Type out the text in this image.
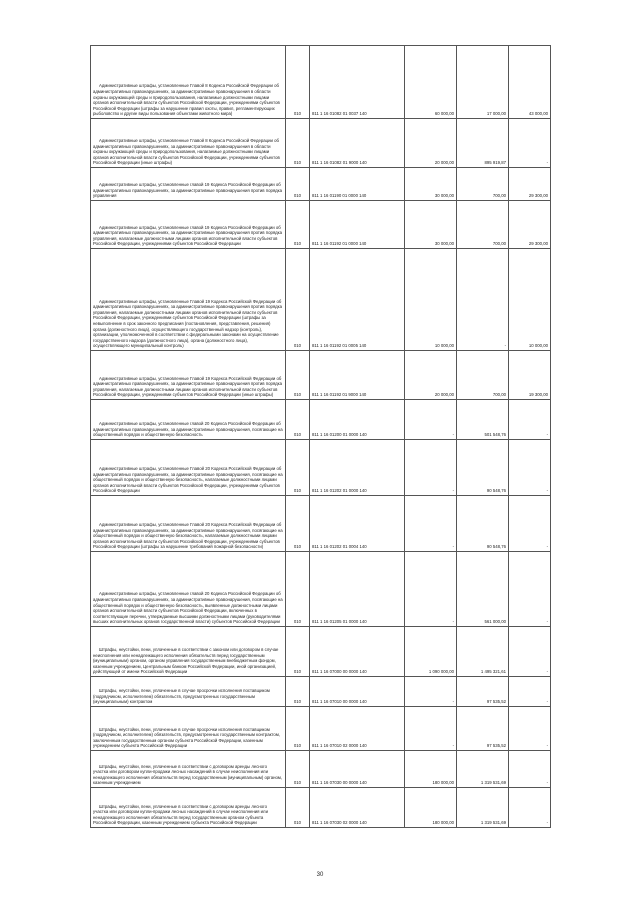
Административные штрафы, установленные Главой 8 Кодекса Российской Федерации об административных правонарушениях, за административные правонарушения в области охраны окружающей среды и природопользования, налагаемые должностными лицами органов исполнительной власти субъектов Российской Федерации, учреждениями субъектов Российской Федерации (штрафы за нарушение правил охоты, правил, регламентирующих рыболовство и другие виды пользования объектами животного мира)	010	811 1 16 01082 01 0037 140	60 000,00	17 000,00	43 000,00

Административные штрафы, установленные Главой 8 Кодекса Российской Федерации об административных правонарушениях, за административные правонарушения в области охраны окружающей среды и природопользования, налагаемые должностными лицами органов исполнительной власти субъектов Российской Федерации, учреждениями субъектов Российской Федерации (иные штрафы)	010	811 1 16 01082 01 9000 140	20 000,00	895 919,87	-

Административные штрафы, установленные главой 19 Кодекса Российской Федерации об административных правонарушениях, за административные правонарушения против порядка управления	010	811 1 16 01190 01 0000 140	30 000,00	700,00	29 300,00

Административные штрафы, установленные главой 19 Кодекса Российской Федерации об административных правонарушениях, за административные правонарушения против порядка управления, налагаемые должностными лицами органов исполнительной власти субъектов Российской Федерации, учреждениями субъектов Российской Федерации	010	811 1 16 01192 01 0000 140	30 000,00	700,00	29 300,00

Административные штрафы, установленные Главой 19 Кодекса Российской Федерации об административных правонарушениях, за административные правонарушения против порядка управления, налагаемые должностными лицами органов исполнительной власти субъектов Российской Федерации, учреждениями субъектов Российской Федерации (штрафы за невыполнение в срок законного предписания (постановления, представления, решения) органа (должностного лица), осуществляющего государственный надзор (контроль), организации, уполномоченной в соответствии с федеральными законами на осуществление государственного надзора (должностного лица), органа (должностного лица), осуществляющего муниципальный контроль)	010	811 1 16 01192 01 0005 140	10 000,00	-	10 000,00

Административные штрафы, установленные Главой 19 Кодекса Российской Федерации об административных правонарушениях, за административные правонарушения против порядка управления, налагаемые должностными лицами органов исполнительной власти субъектов Российской Федерации, учреждениями субъектов Российской Федерации (иные штрафы)	010	811 1 16 01192 01 9000 140	20 000,00	700,00	19 300,00

Административные штрафы, установленные главой 20 Кодекса Российской Федерации об административных правонарушениях, за административные правонарушения, посягающие на общественный порядок и общественную безопасность	010	811 1 16 01200 01 0000 140	-	501 548,76	-

Административные штрафы, установленные Главой 20 Кодекса Российской Федерации об административных правонарушениях, за административные правонарушения, посягающие на общественный порядок и общественную безопасность, налагаемые должностными лицами органов исполнительной власти субъектов Российской Федерации, учреждениями субъектов Российской Федерации	010	811 1 16 01202 01 0000 140	-	90 548,76	-

Административные штрафы, установленные Главой 20 Кодекса Российской Федерации об административных правонарушениях, за административные правонарушения, посягающие на общественный порядок и общественную безопасность, налагаемые должностными лицами органов исполнительной власти субъектов Российской Федерации, учреждениями субъектов Российской Федерации (штрафы за нарушение требований пожарной безопасности)	010	811 1 16 01202 01 0004 140	-	90 548,76	-

Административные штрафы, установленные главой 20 Кодекса Российской Федерации об административных правонарушениях, за административные правонарушения, посягающие на общественный порядок и общественную безопасность, выявленные должностными лицами органов исполнительной власти субъектов Российской Федерации, включенных в соответствующие перечни, утверждаемые высшими должностными лицами (руководителями высших исполнительных органов государственной власти) субъектов Российской Федерации	010	811 1 16 01205 01 0000 140	-	561 000,00	-

Штрафы, неустойки, пени, уплаченные в соответствии с законом или договором в случае неисполнения или ненадлежащего исполнения обязательств перед государственным (муниципальным) органом, органом управления государственным внебюджетным фондом, казенным учреждением, Центральным банком Российской Федерации, иной организацией, действующей от имени Российской Федерации	010	811 1 16 07000 00 0000 140	1 090 000,00	1 495 321,61	-

Штрафы, неустойки, пени, уплаченные в случае просрочки исполнения поставщиком (подрядчиком, исполнителем) обязательств, предусмотренных государственным (муниципальным) контрактом	010	811 1 16 07010 00 0000 140	-	97 535,52	-

Штрафы, неустойки, пени, уплаченные в случае просрочки исполнения поставщиком (подрядчиком, исполнителем) обязательств, предусмотренных государственным контрактом, заключенным государственным органом субъекта Российской Федерации, казенным учреждением субъекта Российской Федерации	010	811 1 16 07010 02 0000 140	-	97 535,52	-

Штрафы, неустойки, пени, уплаченные в соответствии с договором аренды лесного участка или договором купли-продажи лесных насаждений в случае неисполнения или ненадлежащего исполнения обязательств перед государственным (муниципальным) органом, казенным учреждением	010	811 1 16 07030 00 0000 140	180 000,00	1 319 531,69	-

Штрафы, неустойки, пени, уплаченные в соответствии с договором аренды лесного участка или договором купли-продажи лесных насаждений в случае неисполнения или ненадлежащего исполнения обязательств перед государственным органом субъекта Российской Федерации, казенным учреждением субъекта Российской Федерации	010	811 1 16 07030 02 0000 140	180 000,00	1 319 531,69	-
30
